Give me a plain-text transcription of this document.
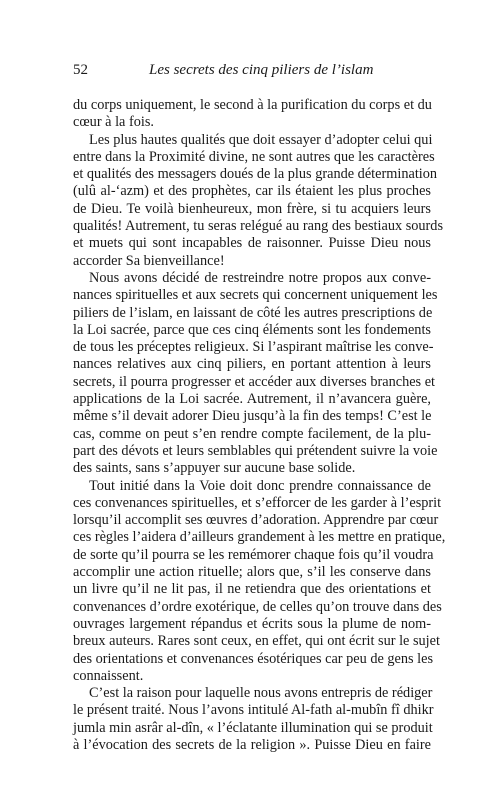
52	Les secrets des cinq piliers de l’islam
du corps uniquement, le second à la purification du corps et du
cœur à la fois.
Les plus hautes qualités que doit essayer d’adopter celui qui
entre dans la Proximité divine, ne sont autres que les caractères
et qualités des messagers doués de la plus grande détermination
(ulû al-‘azm) et des prophètes, car ils étaient les plus proches
de Dieu. Te voilà bienheureux, mon frère, si tu acquiers leurs
qualités! Autrement, tu seras relégué au rang des bestiaux sourds
et muets qui sont incapables de raisonner. Puisse Dieu nous
accorder Sa bienveillance!
Nous avons décidé de restreindre notre propos aux conve-
nances spirituelles et aux secrets qui concernent uniquement les
piliers de l’islam, en laissant de côté les autres prescriptions de
la Loi sacrée, parce que ces cinq éléments sont les fondements
de tous les préceptes religieux. Si l’aspirant maîtrise les conve-
nances relatives aux cinq piliers, en portant attention à leurs
secrets, il pourra progresser et accéder aux diverses branches et
applications de la Loi sacrée. Autrement, il n’avancera guère,
même s’il devait adorer Dieu jusqu’à la fin des temps! C’est le
cas, comme on peut s’en rendre compte facilement, de la plu-
part des dévots et leurs semblables qui prétendent suivre la voie
des saints, sans s’appuyer sur aucune base solide.
Tout initié dans la Voie doit donc prendre connaissance de
ces convenances spirituelles, et s’efforcer de les garder à l’esprit
lorsqu’il accomplit ses œuvres d’adoration. Apprendre par cœur
ces règles l’aidera d’ailleurs grandement à les mettre en pratique,
de sorte qu’il pourra se les remémorer chaque fois qu’il voudra
accomplir une action rituelle; alors que, s’il les conserve dans
un livre qu’il ne lit pas, il ne retiendra que des orientations et
convenances d’ordre exotérique, de celles qu’on trouve dans des
ouvrages largement répandus et écrits sous la plume de nom-
breux auteurs. Rares sont ceux, en effet, qui ont écrit sur le sujet
des orientations et convenances ésotériques car peu de gens les
connaissent.
C’est la raison pour laquelle nous avons entrepris de rédiger
le présent traité. Nous l’avons intitulé Al-fath al-mubîn fî dhikr
jumla min asrâr al-dîn, « l’éclatante illumination qui se produit
à l’évocation des secrets de la religion ». Puisse Dieu en faire
